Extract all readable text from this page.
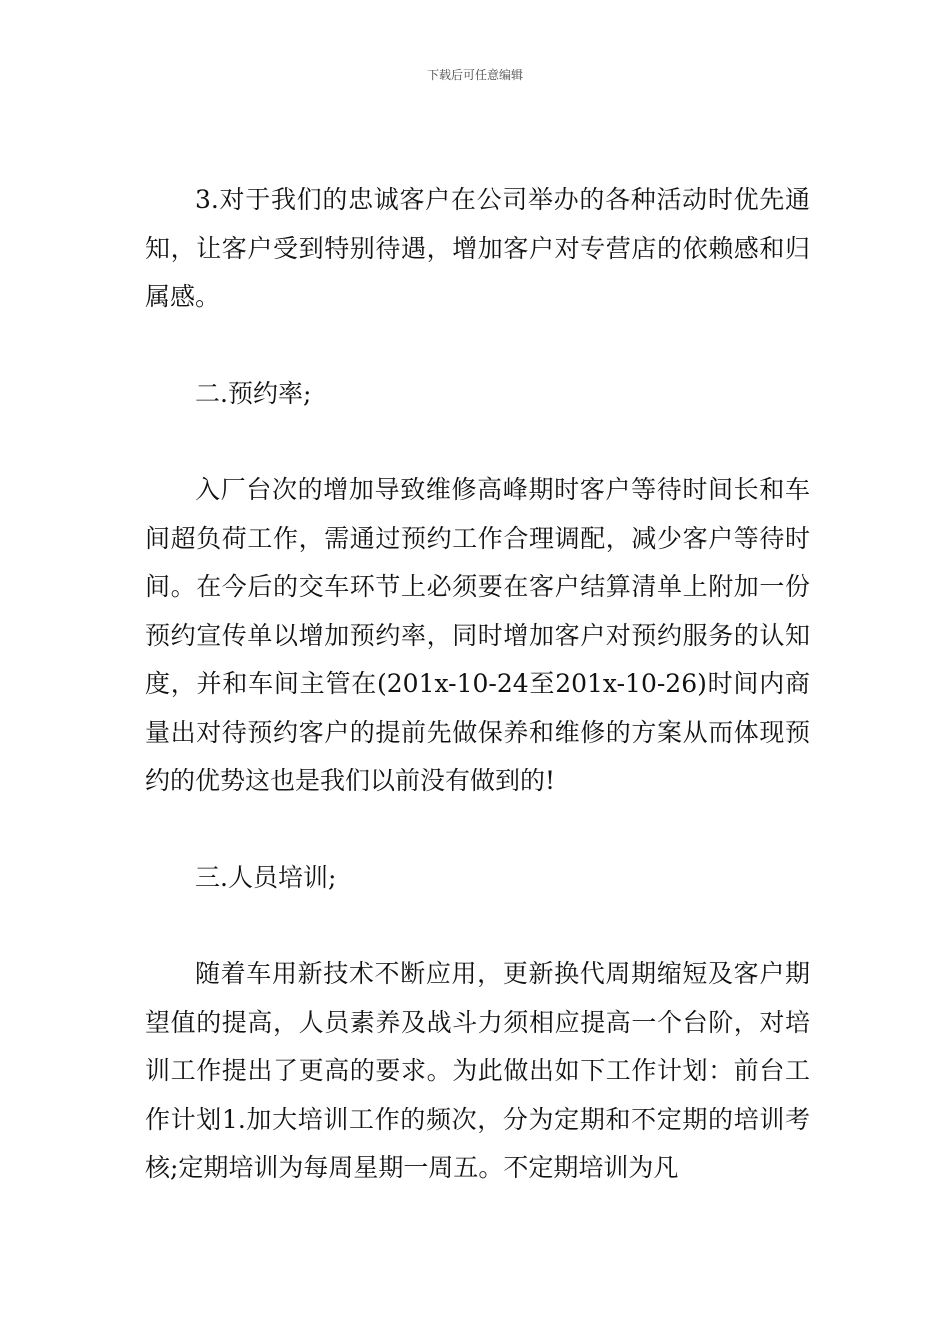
下载后可任意编辑

3.对于我们的忠诚客户在公司举办的各种活动时优先通知，让客户受到特别待遇，增加客户对专营店的依赖感和归属感。

二.预约率;

入厂台次的增加导致维修高峰期时客户等待时间长和车间超负荷工作，需通过预约工作合理调配，减少客户等待时间。在今后的交车环节上必须要在客户结算清单上附加一份预约宣传单以增加预约率，同时增加客户对预约服务的认知度，并和车间主管在(201x-10-24至201x-10-26)时间内商量出对待预约客户的提前先做保养和维修的方案从而体现预约的优势这也是我们以前没有做到的!

三.人员培训;

随着车用新技术不断应用，更新换代周期缩短及客户期望值的提高，人员素养及战斗力须相应提高一个台阶，对培训工作提出了更高的要求。为此做出如下工作计划：前台工作计划1.加大培训工作的频次，分为定期和不定期的培训考核;定期培训为每周星期一周五。不定期培训为凡
